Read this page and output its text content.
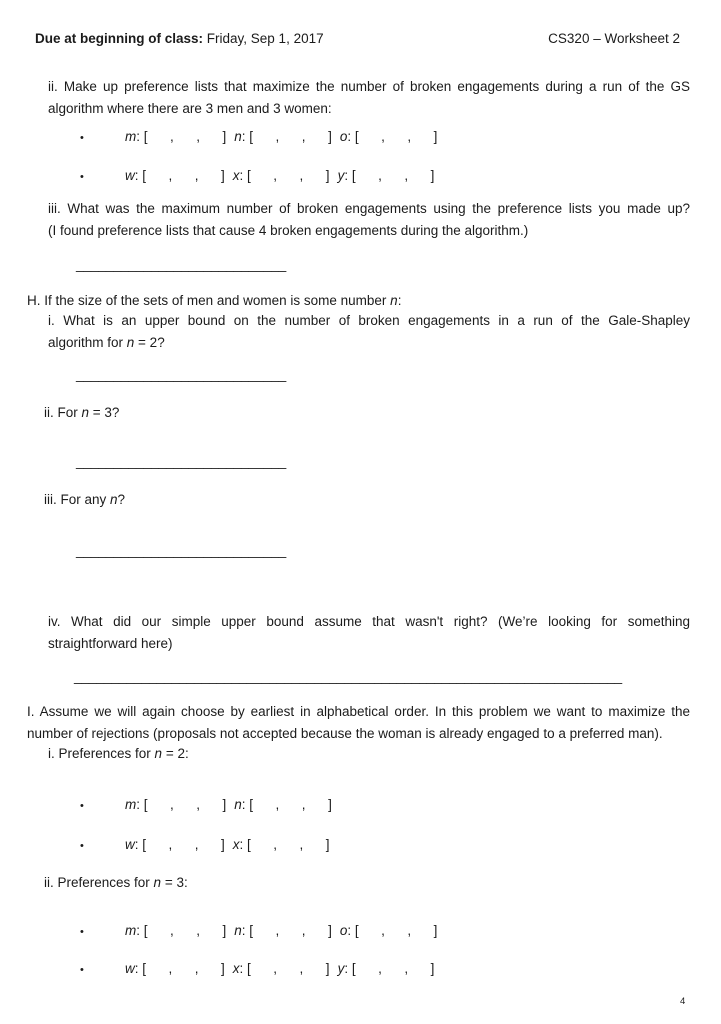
Due at beginning of class: Friday, Sep 1, 2017	CS320 – Worksheet 2
ii. Make up preference lists that maximize the number of broken engagements during a run of the GS
algorithm where there are 3 men and 3 women:
•	m: [      ,      ,      ] n: [      ,      ,      ] o: [      ,      ,      ]
•	w: [      ,      ,      ] x: [      ,      ,      ] y: [      ,      ,      ]
iii. What was the maximum number of broken engagements using the preference lists you made up?
(I found preference lists that cause 4 broken engagements during the algorithm.)
____________________________
H. If the size of the sets of men and women is some number n:
i. What is an upper bound on the number of broken engagements in a run of the Gale-Shapley
algorithm for n = 2?
____________________________
ii. For n = 3?
____________________________
iii. For any n?
____________________________
iv. What did our simple upper bound assume that wasn't right? (We’re looking for something
straightforward here)
_________________________________________________________________________
I. Assume we will again choose by earliest in alphabetical order. In this problem we want to maximize the
number of rejections (proposals not accepted because the woman is already engaged to a preferred man).
i. Preferences for n = 2:
•	m: [      ,      ,      ] n: [      ,      ,      ]
•	w: [      ,      ,      ] x: [      ,      ,      ]
ii. Preferences for n = 3:
•	m: [      ,      ,      ] n: [      ,      ,      ] o: [      ,      ,      ]
•	w: [      ,      ,      ] x: [      ,      ,      ] y: [      ,      ,      ]
4
